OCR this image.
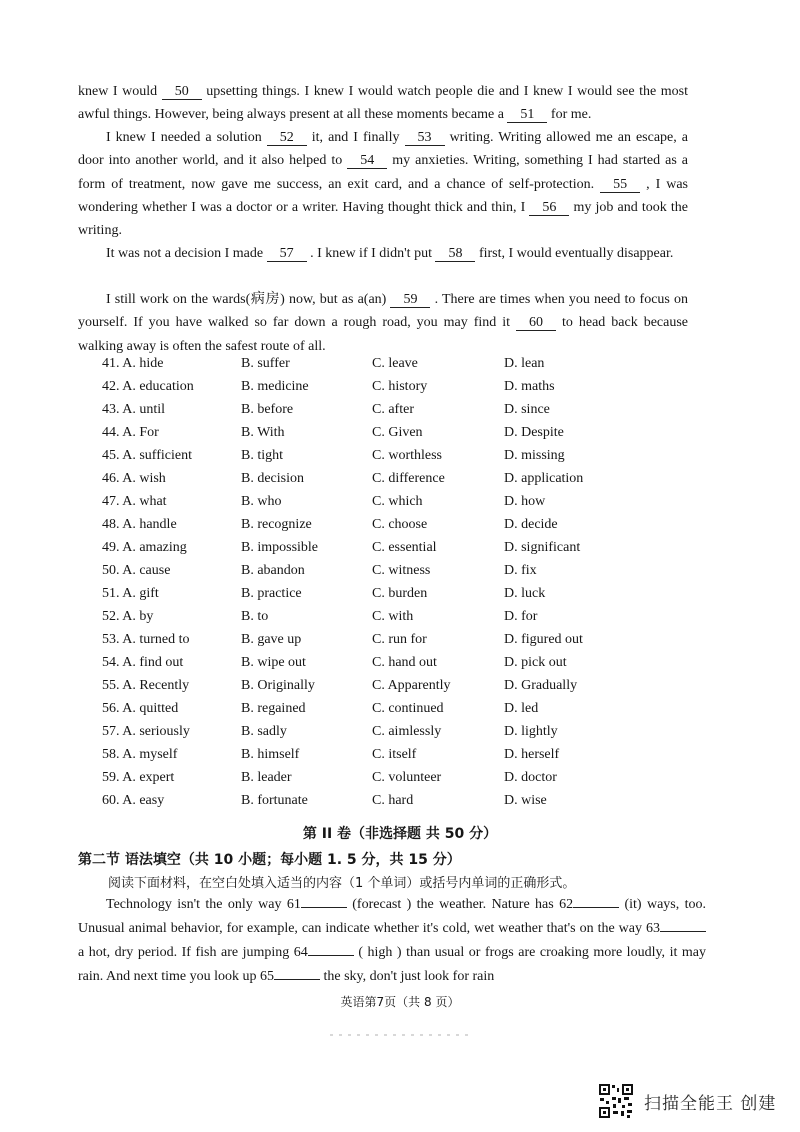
knew I would 50 upsetting things. I knew I would watch people die and I knew I would see the most awful things. However, being always present at all these moments became a 51 for me.

I knew I needed a solution 52 it, and I finally 53 writing. Writing allowed me an escape, a door into another world, and it also helped to 54 my anxieties. Writing, something I had started as a form of treatment, now gave me success, an exit card, and a chance of self-protection. 55 , I was wondering whether I was a doctor or a writer. Having thought thick and thin, I 56 my job and took the writing.

It was not a decision I made 57 . I knew if I didn't put 58 first, I would eventually disappear.

I still work on the wards(病房) now, but as a(an) 59 . There are times when you need to focus on yourself. If you have walked so far down a rough road, you may find it 60 to head back because walking away is often the safest route of all.

41. A. hide	B. suffer	C. leave	D. lean
42. A. education	B. medicine	C. history	D. maths
43. A. until	B. before	C. after	D. since
44. A. For	B. With	C. Given	D. Despite
45. A. sufficient	B. tight	C. worthless	D. missing
46. A. wish	B. decision	C. difference	D. application
47. A. what	B. who	C. which	D. how
48. A. handle	B. recognize	C. choose	D. decide
49. A. amazing	B. impossible	C. essential	D. significant
50. A. cause	B. abandon	C. witness	D. fix
51. A. gift	B. practice	C. burden	D. luck
52. A. by	B. to	C. with	D. for
53. A. turned to	B. gave up	C. run for	D. figured out
54. A. find out	B. wipe out	C. hand out	D. pick out
55. A. Recently	B. Originally	C. Apparently	D. Gradually
56. A. quitted	B. regained	C. continued	D. led
57. A. seriously	B. sadly	C. aimlessly	D. lightly
58. A. myself	B. himself	C. itself	D. herself
59. A. expert	B. leader	C. volunteer	D. doctor
60. A. easy	B. fortunate	C. hard	D. wise
第 II 卷（非选择题 共 50 分）
第二节 语法填空（共 10 小题；每小题 1. 5 分，共 15 分）
阅读下面材料，在空白处填入适当的内容（1 个单词）或括号内单词的正确形式。

Technology isn't the only way 61	(forecast ) the weather. Nature has 62	(it) ways, too. Unusual animal behavior, for example, can indicate whether it's cold, wet weather that's on the way 63 a hot, dry period. If fish are jumping 64	( high ) than usual or frogs are croaking more loudly, it may rain. And next time you look up 65	the sky, don't just look for rain

英语第7页（共 8 页）
扫描全能王 创建
